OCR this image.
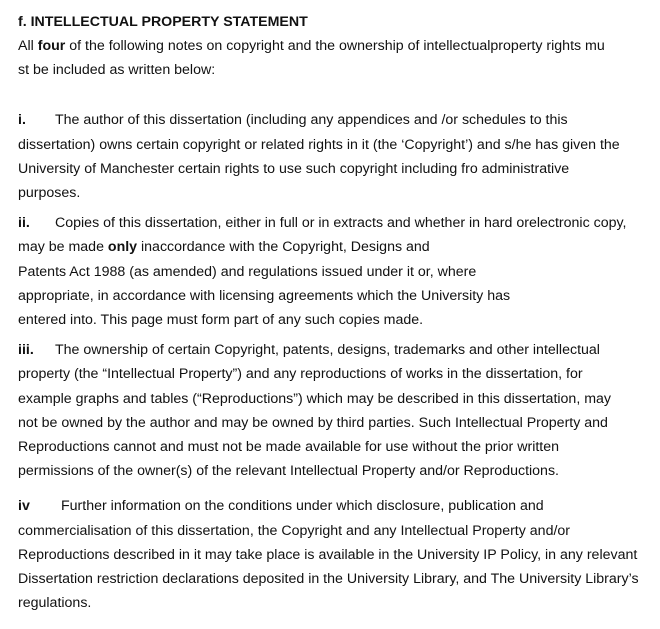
f. INTELLECTUAL PROPERTY STATEMENT

All four of the following notes on copyright and the ownership of intellectualproperty rights mu
st be included as written below:
i. The author of this dissertation (including any appendices and /or schedules to this
dissertation) owns certain copyright or related rights in it (the ‘Copyright’) and s/he has given the
University of Manchester certain rights to use such copyright including fro administrative
purposes.
ii. Copies of this dissertation, either in full or in extracts and whether in hard orelectronic copy,
may be made only inaccordance with the Copyright, Designs and
Patents Act 1988 (as amended) and regulations issued under it or, where
appropriate, in accordance with licensing agreements which the University has
entered into. This page must form part of any such copies made.
iii. The ownership of certain Copyright, patents, designs, trademarks and other intellectual
property (the “Intellectual Property”) and any reproductions of works in the dissertation, for
example graphs and tables (“Reproductions”) which may be described in this dissertation, may
not be owned by the author and may be owned by third parties. Such Intellectual Property and
Reproductions cannot and must not be made available for use without the prior written
permissions of the owner(s) of the relevant Intellectual Property and/or Reproductions.
iv Further information on the conditions under which disclosure, publication and
commercialisation of this dissertation, the Copyright and any Intellectual Property and/or
Reproductions described in it may take place is available in the University IP Policy, in any relevant
Dissertation restriction declarations deposited in the University Library, and The University Library’s
regulations.
